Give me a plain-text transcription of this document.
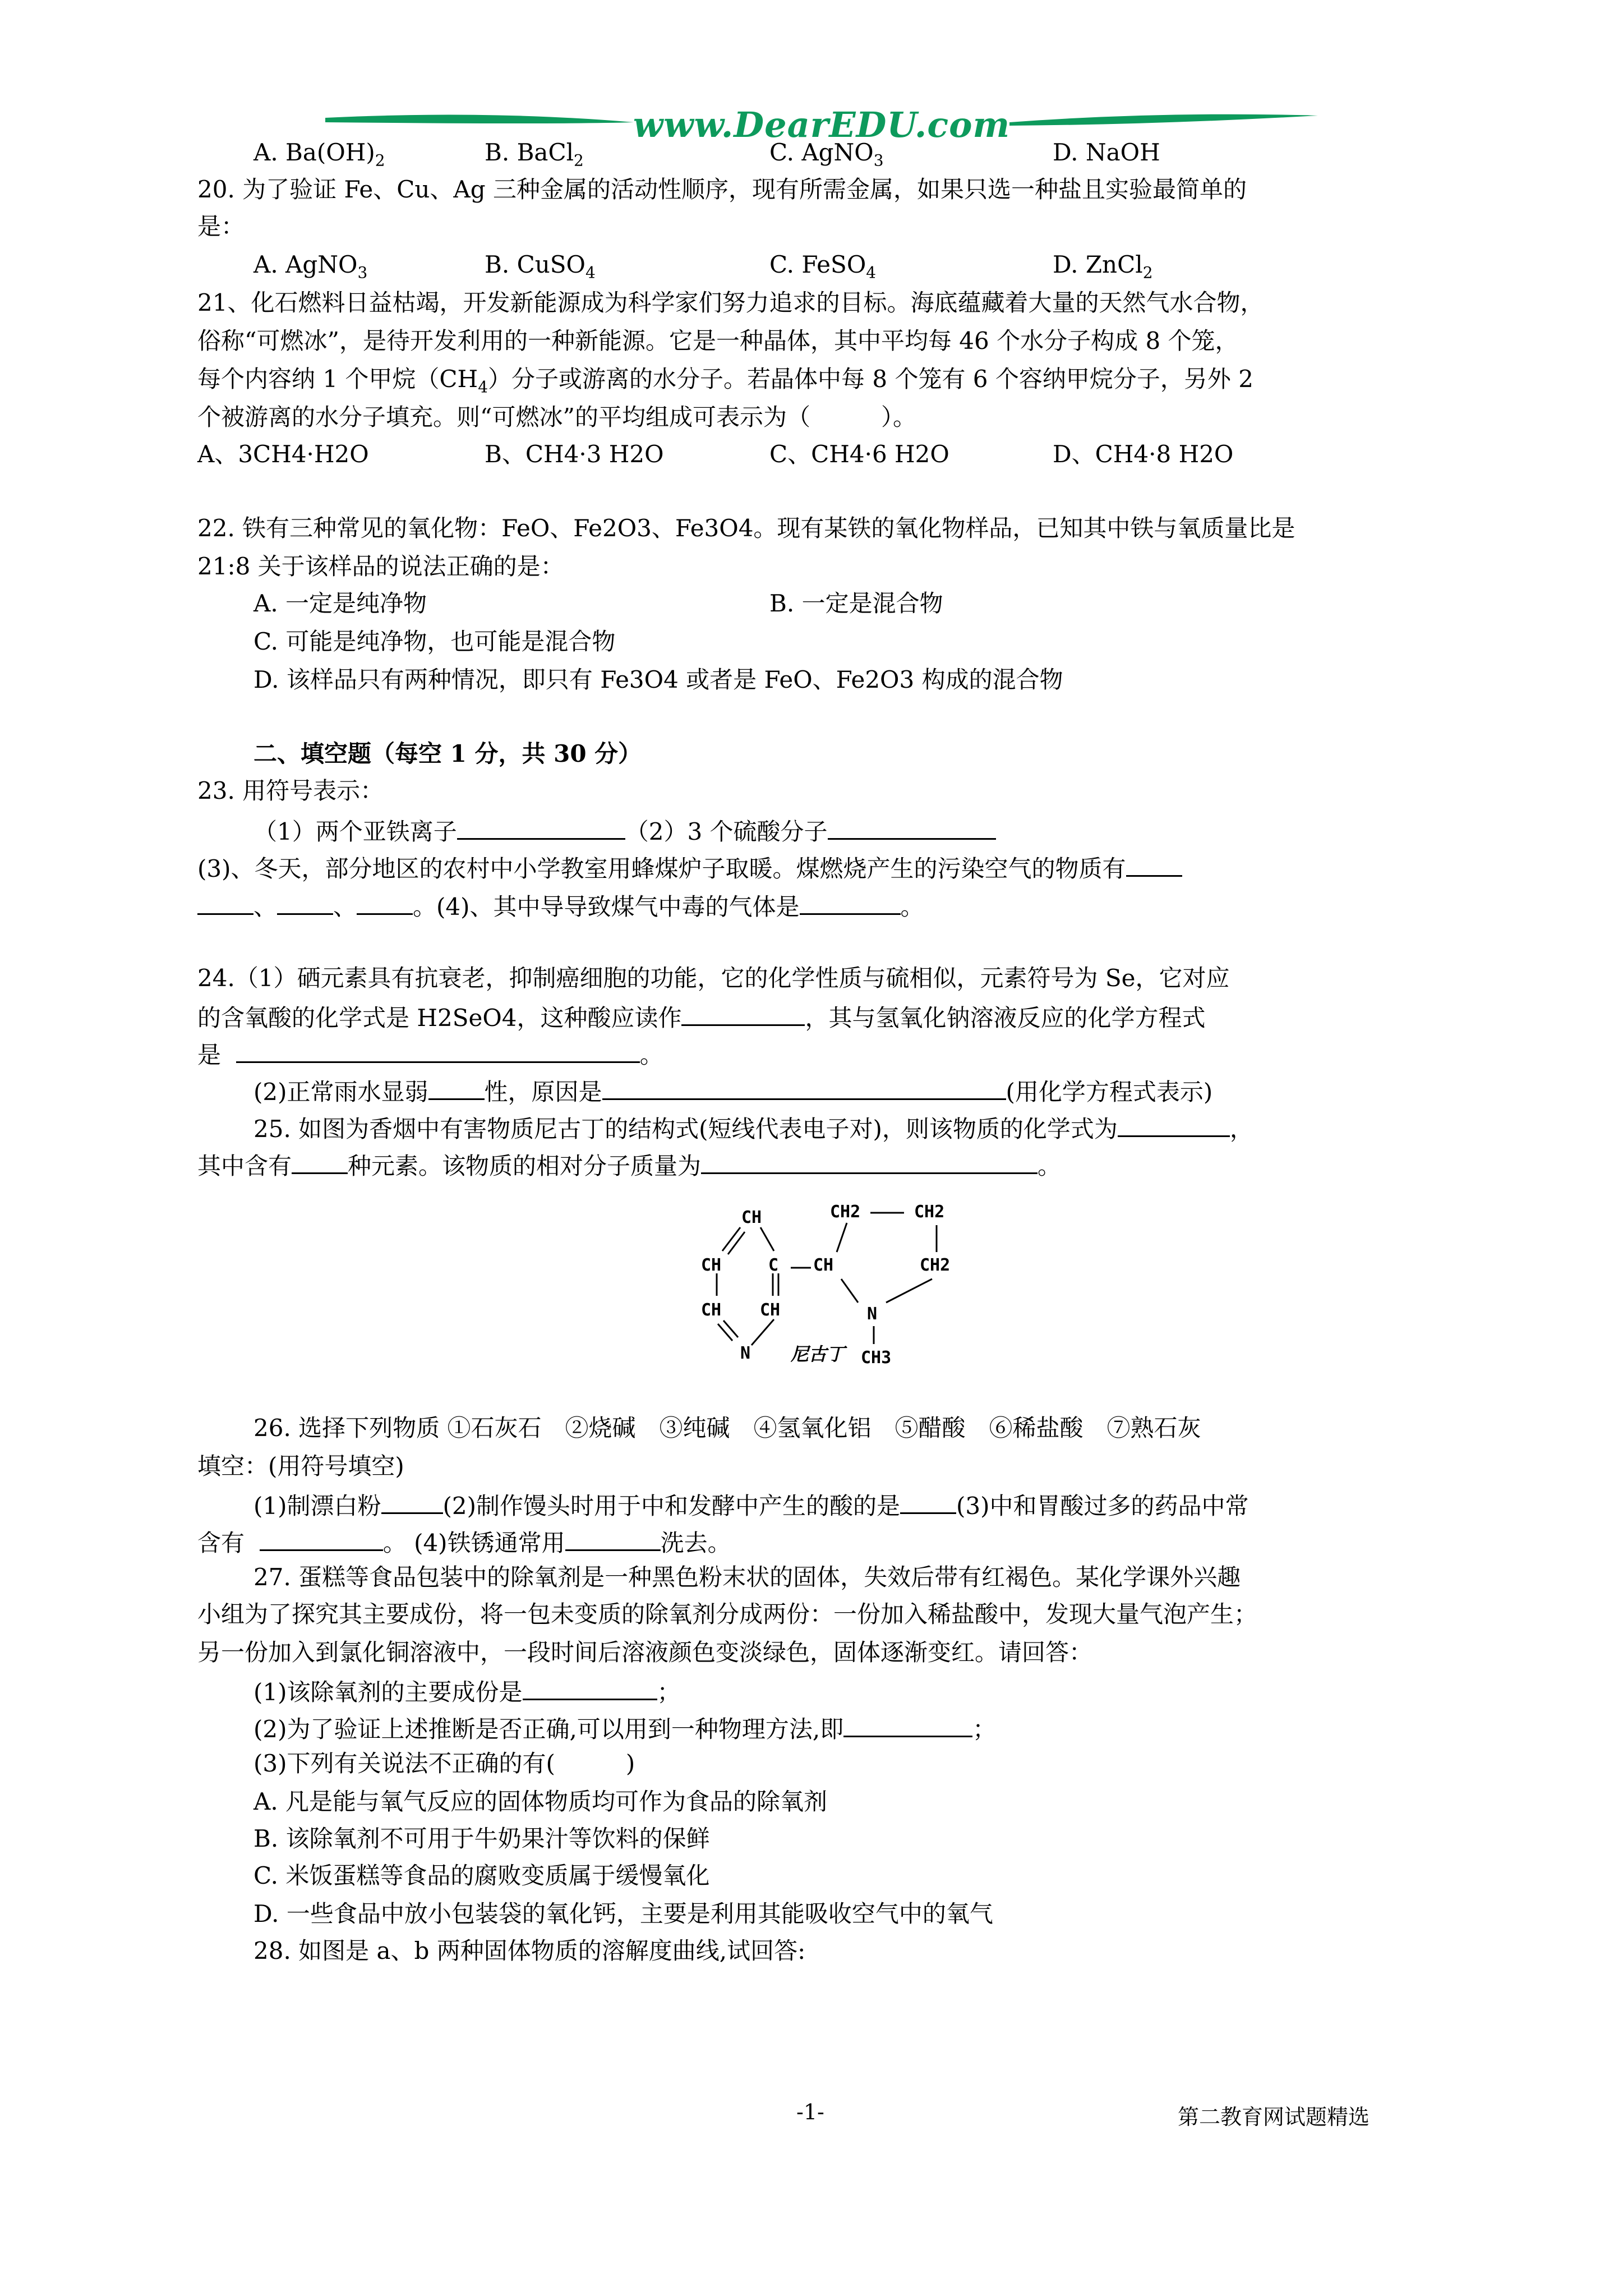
www.DearEDU.com
A. $Ba(OH)_2$	B. BaCl$_2$	C. AgNO$_3$	D. NaOH
20. 为了验证 Fe、Cu、Ag 三种金属的活动性顺序，现有所需金属，如果只选一种盐且实验最简单的
是：
A. AgNO$_3$	B. CuSO$_4$	C. FeSO$_4$	D. ZnCl$_2$
21、化石燃料日益枯竭，开发新能源成为科学家们努力追求的目标。海底蕴藏着大量的天然气水合物，
俗称“可燃冰”，是待开发利用的一种新能源。它是一种晶体，其中平均每 46 个水分子构成 8 个笼，
每个内容纳 1 个甲烷$(CH_4)$分子或游离的水分子。若晶体中每 8 个笼有 6 个容纳甲烷分子，另外 2
个被游离的水分子填充。则“可燃冰”的平均组成可表示为（　　　）。
A、3CH4·H2O	B、CH4·3 H2O	C、CH4·6 H2O	D、CH4·8 H2O
22. 铁有三种常见的氧化物：FeO、Fe2O3、Fe3O4。现有某铁的氧化物样品，已知其中铁与氧质量比是
21:8 关于该样品的说法正确的是：
A. 一定是纯净物	B. 一定是混合物
C. 可能是纯净物，也可能是混合物
D. 该样品只有两种情况，即只有 Fe3O4 或者是 FeO、Fe2O3 构成的混合物
二、填空题（每空 1 分，共 30 分）
23. 用符号表示：
（1）两个亚铁离子	（2）3 个硫酸分子
(3)、冬天，部分地区的农村中小学教室用蜂煤炉子取暖。煤燃烧产生的污染空气的物质有
、 、 。(4)、其中导导致煤气中毒的气体是	。
24.（1）硒元素具有抗衰老，抑制癌细胞的功能，它的化学性质与硫相似，元素符号为 Se，它对应
的含氧酸的化学式是 H2SeO4，这种酸应读作	，其与氢氧化钠溶液反应的化学方程式
是	。
(2)正常雨水显弱 性，原因是	(用化学方程式表示)
25. 如图为香烟中有害物质尼古丁的结构式(短线代表电子对)，则该物质的化学式为	，
其中含有 种元素。该物质的相对分子质量为	。
CH
CH	C
CH CH
N
CH2	CH2
CH	CH2
N
CH3
尼古丁
26. 选择下列物质 ①石灰石　②烧碱　③纯碱　④氢氧化铝　⑤醋酸　⑥稀盐酸　⑦熟石灰
填空：(用符号填空)
(1)制漂白粉	(2)制作馒头时用于中和发酵中产生的酸的是 (3)中和胃酸过多的药品中常
含有	。 (4)铁锈通常用	洗去。
27. 蛋糕等食品包装中的除氧剂是一种黑色粉末状的固体，失效后带有红褐色。某化学课外兴趣
小组为了探究其主要成份，将一包未变质的除氧剂分成两份：一份加入稀盐酸中，发现大量气泡产生；
另一份加入到氯化铜溶液中，一段时间后溶液颜色变淡绿色，固体逐渐变红。请回答：
(1)该除氧剂的主要成份是	；
(2)为了验证上述推断是否正确,可以用到一种物理方法,即	；
(3)下列有关说法不正确的有(　　　)
A. 凡是能与氧气反应的固体物质均可作为食品的除氧剂
B. 该除氧剂不可用于牛奶果汁等饮料的保鲜
C. 米饭蛋糕等食品的腐败变质属于缓慢氧化
D. 一些食品中放小包装袋的氧化钙，主要是利用其能吸收空气中的氧气
28. 如图是 a、b 两种固体物质的溶解度曲线,试回答:
-1-	第二教育网试题精选
